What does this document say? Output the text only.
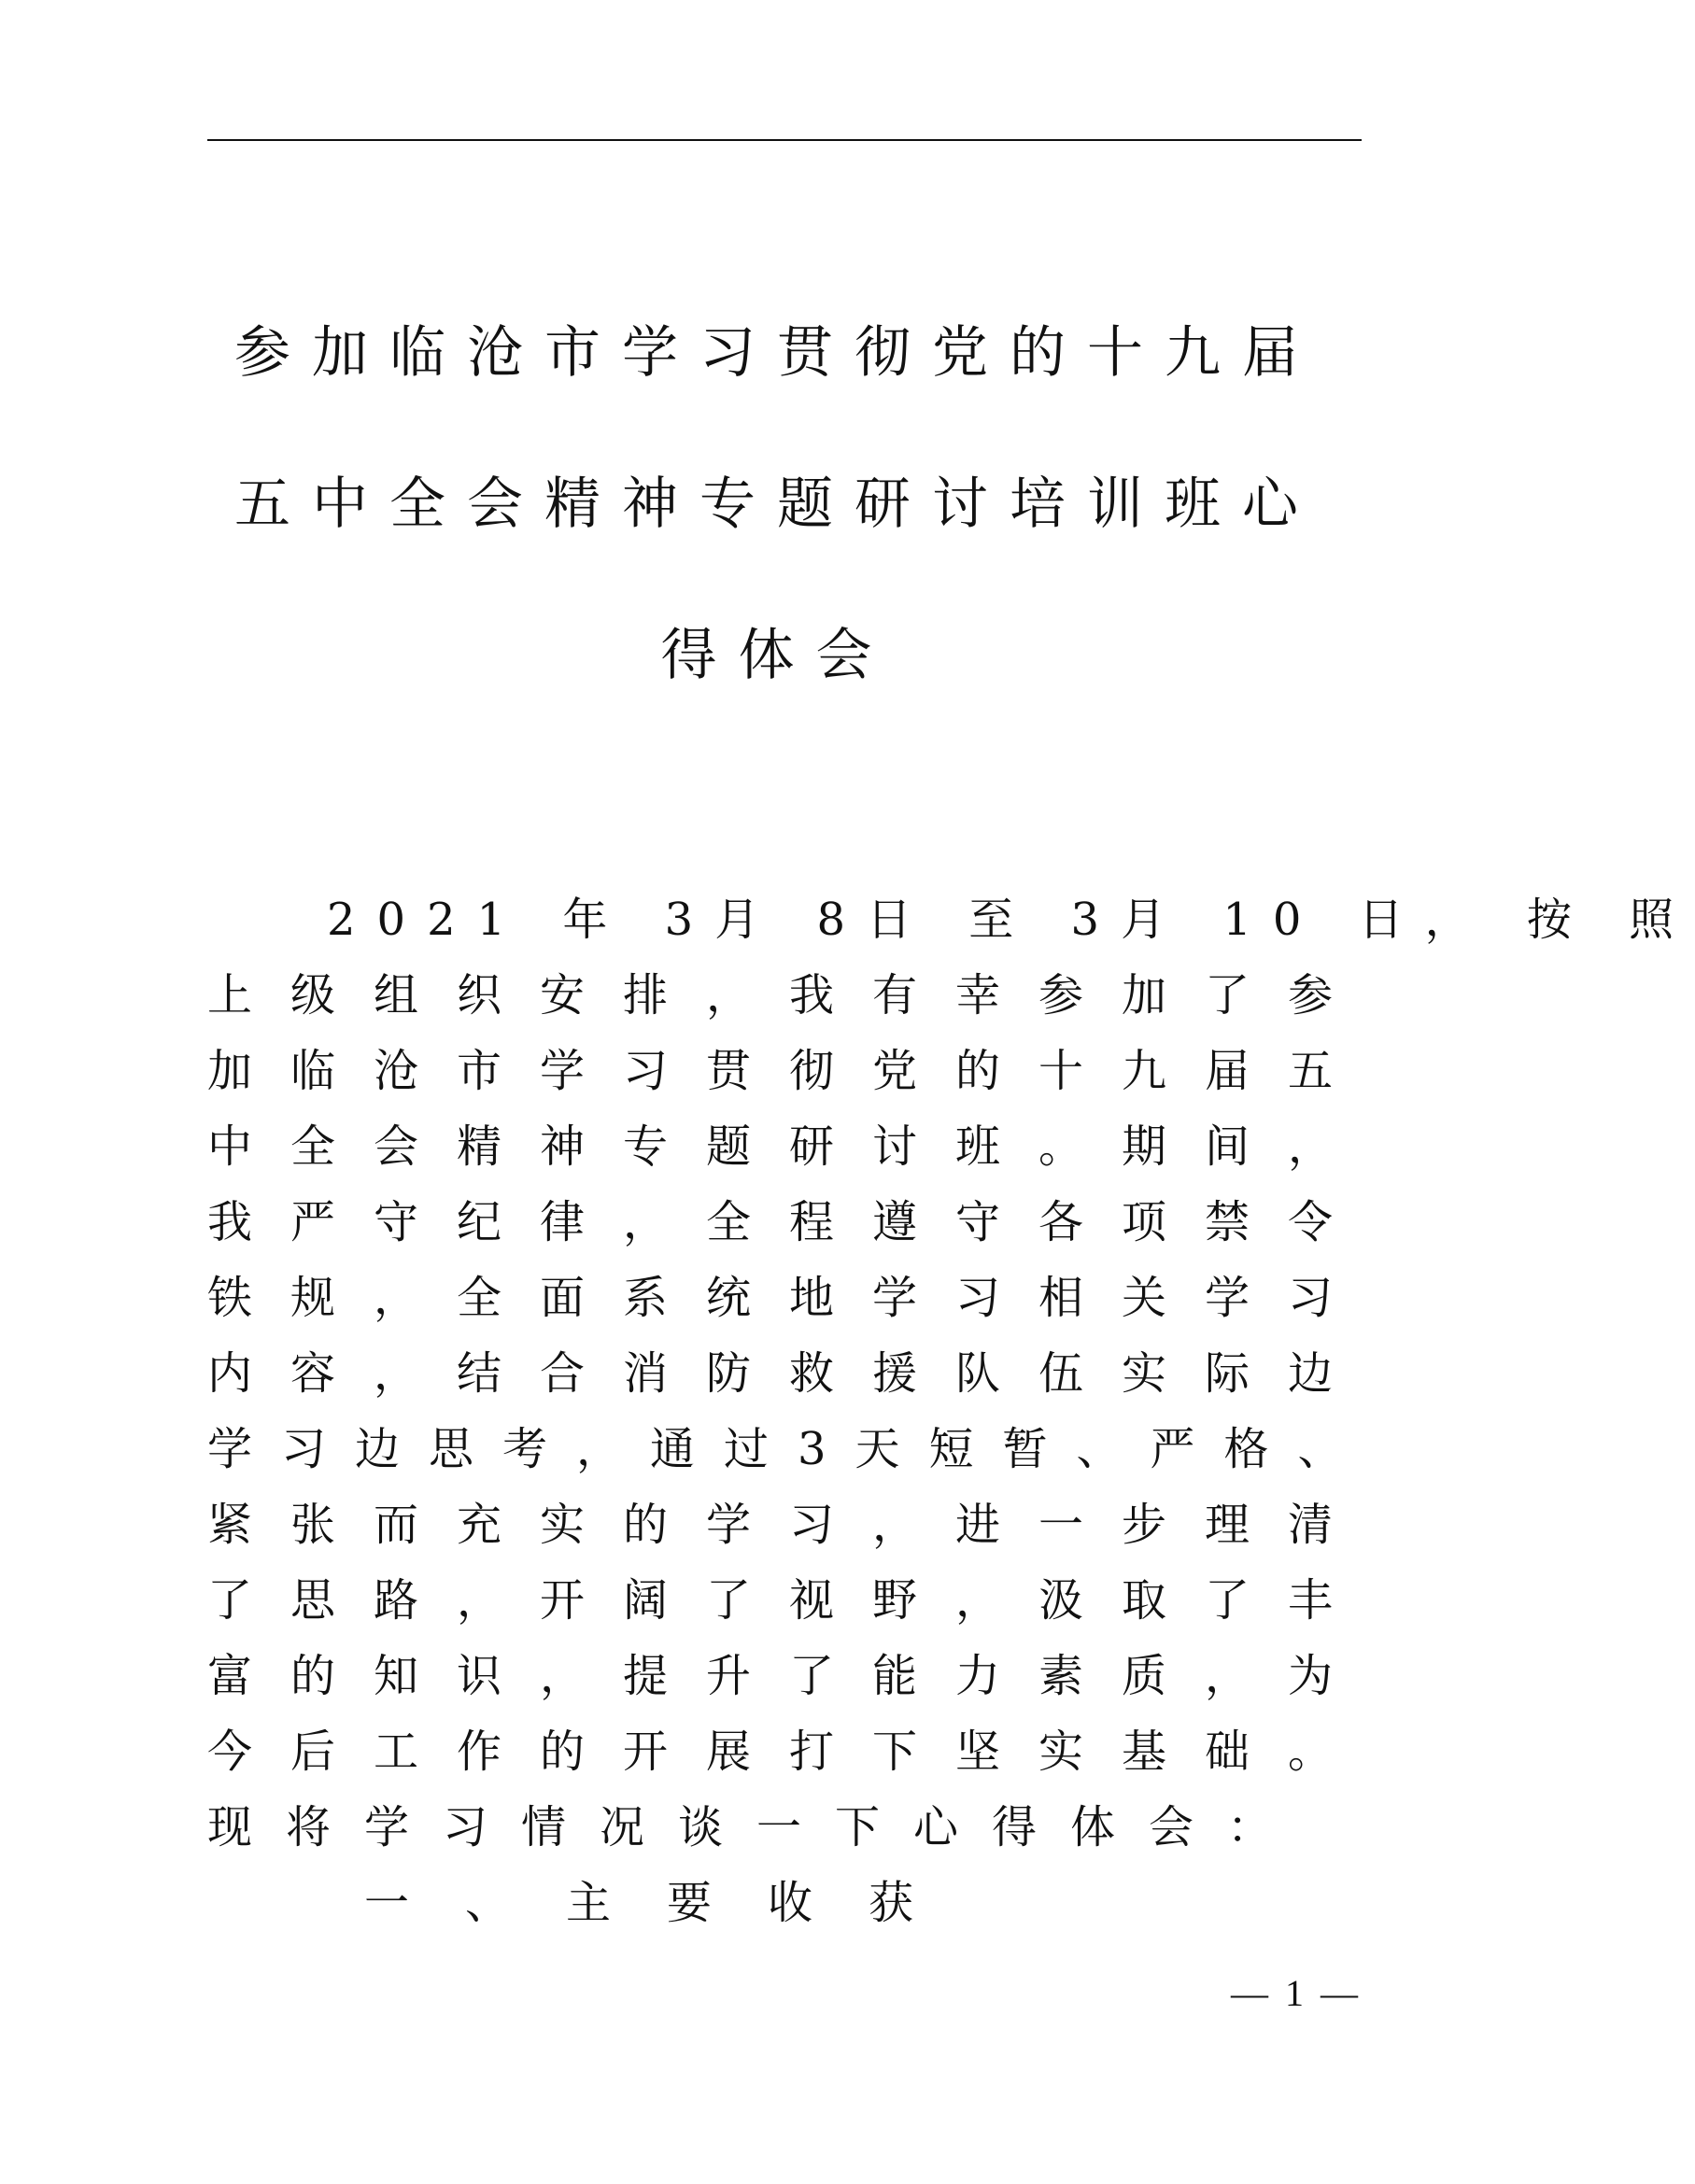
参加临沧市学习贯彻党的十九届
五中全会精神专题研讨培训班心
得体会
2021 年 3月 8日 至 3月 10 日， 按 照
上级组织安排，我有幸参加了参
加临沧市学习贯彻党的十九届五
中全会精神专题研讨班。期间，
我严守纪律，全程遵守各项禁令
铁规，全面系统地学习相关学习
内容，结合消防救援队伍实际边
学习边思考，通过3天短暂、严格、
紧张而充实的学习，进一步理清
了思路，开阔了视野，汲取了丰
富的知识，提升了能力素质，为
今后工作的开展打下坚实基础。
现将学习情况谈一下心得体会：
一、主要收获
— 1 —
